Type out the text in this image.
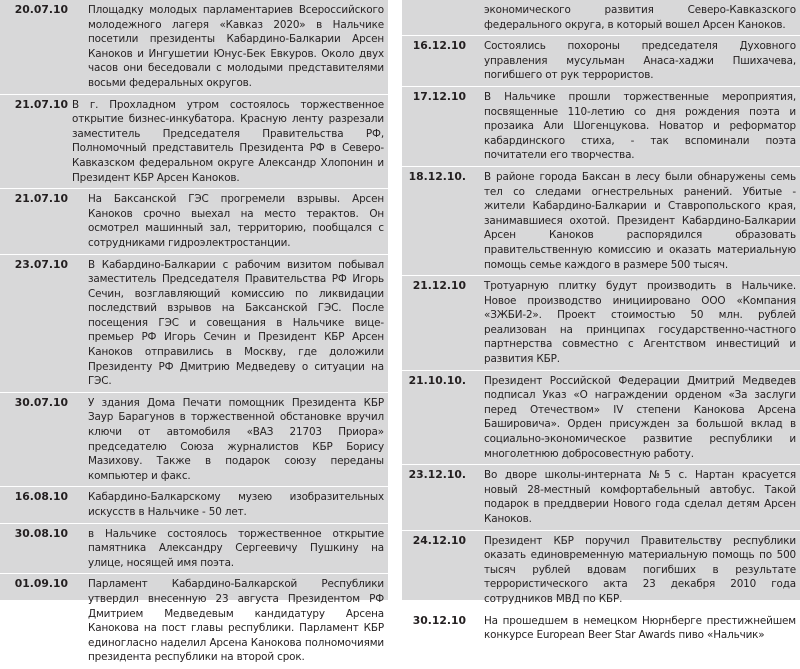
20.07.10 Площадку молодых парламентариев Всероссийского молодежного лагеря «Кавказ 2020» в Нальчике посетили президенты Кабардино-Балкарии Арсен Каноков и Ингушетии Юнус-Бек Евкуров. Около двух часов они беседовали с молодыми представителями восьми федеральных округов.
21.07.10 В г. Прохладном утром состоялось торжественное открытие бизнес-инкубатора. Красную ленту разрезали заместитель Председателя Правительства РФ, Полномочный представитель Президента РФ в Северо-Кавказском федеральном округе Александр Хлопонин и Президент КБР Арсен Каноков.
21.07.10 На Баксанской ГЭС прогремели взрывы. Арсен Каноков срочно выехал на место терактов. Он осмотрел машинный зал, территорию, пообщался с сотрудниками гидроэлектростанции.
23.07.10 В Кабардино-Балкарии с рабочим визитом побывал заместитель Председателя Правительства РФ Игорь Сечин, возглавляющий комиссию по ликвидации последствий взрывов на Баксанской ГЭС. После посещения ГЭС и совещания в Нальчике вице-премьер РФ Игорь Сечин и Президент КБР Арсен Каноков отправились в Москву, где доложили Президенту РФ Дмитрию Медведеву о ситуации на ГЭС.
30.07.10 У здания Дома Печати помощник Президента КБР Заур Барагунов в торжественной обстановке вручил ключи от автомобиля «ВАЗ 21703 Приора» председателю Союза журналистов КБР Борису Мазихову. Также в подарок союзу переданы компьютер и факс.
16.08.10 Кабардино-Балкарскому музею изобразительных искусств в Нальчике - 50 лет.
30.08.10 в Нальчике состоялось торжественное открытие памятника Александру Сергеевичу Пушкину на улице, носящей имя поэта.
01.09.10 Парламент Кабардино-Балкарской Республики утвердил внесенную 23 августа Президентом РФ Дмитрием Медведевым кандидатуру Арсена Канокова на пост главы республики. Парламент КБР единогласно наделил Арсена Канокова полномочиями президента республики на второй срок.
экономического развития Северо-Кавказского федерального округа, в который вошел Арсен Каноков.
16.12.10 Состоялись похороны председателя Духовного управления мусульман Анаса-хаджи Пшихачева, погибшего от рук террористов.
17.12.10 В Нальчике прошли торжественные мероприятия, посвященные 110-летию со дня рождения поэта и прозаика Али Шогенцукова. Новатор и реформатор кабардинского стиха, - так вспоминали поэта почитатели его творчества.
18.12.10. В районе города Баксан в лесу были обнаружены семь тел со следами огнестрельных ранений. Убитые - жители Кабардино-Балкарии и Ставропольского края, занимавшиеся охотой. Президент Кабардино-Балкарии Арсен Каноков распорядился образовать правительственную комиссию и оказать материальную помощь семье каждого в размере 500 тысяч.
21.12.10 Тротуарную плитку будут производить в Нальчике. Новое производство инициировано ООО «Компания «ЗЖБИ-2». Проект стоимостью 50 млн. рублей реализован на принципах государственно-частного партнерства совместно с Агентством инвестиций и развития КБР.
21.10.10. Президент Российской Федерации Дмитрий Медведев подписал Указ «О награждении орденом «За заслуги перед Отечеством» IV степени Канокова Арсена Башировича». Орден присужден за большой вклад в социально-экономическое развитие республики и многолетнюю добросовестную работу.
23.12.10. Во дворе школы-интерната №5 с. Нартан красуется новый 28-местный комфортабельный автобус. Такой подарок в преддверии Нового года сделал детям Арсен Каноков.
24.12.10 Президент КБР поручил Правительству республики оказать единовременную материальную помощь по 500 тысяч рублей вдовам погибших в результате террористического акта 23 декабря 2010 года сотрудников МВД по КБР.
30.12.10 На прошедшем в немецком Нюрнберге престижнейшем конкурсе European Beer Star Awards пиво «Нальчик»
